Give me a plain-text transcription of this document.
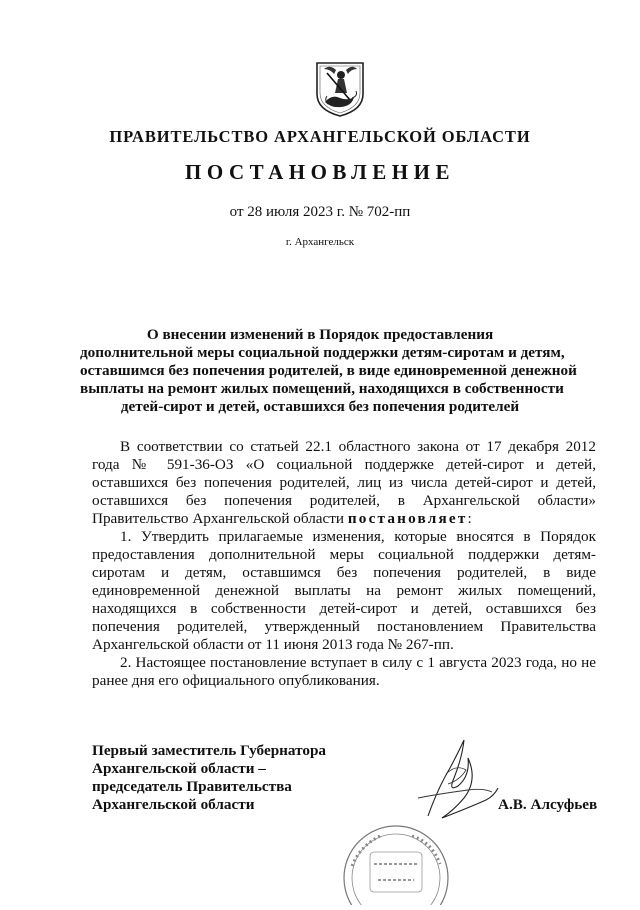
ПРАВИТЕЛЬСТВО АРХАНГЕЛЬСКОЙ ОБЛАСТИ
ПОСТАНОВЛЕНИЕ
от 28 июля 2023 г. № 702-пп
г. Архангельск
О внесении изменений в Порядок предоставления
дополнительной меры социальной поддержки детям-сиротам и детям,
оставшимся без попечения родителей, в виде единовременной денежной
выплаты на ремонт жилых помещений, находящихся в собственности
детей-сирот и детей, оставшихся без попечения родителей

В соответствии со статьей 22.1 областного закона от 17 декабря 2012 года № 591-36-ОЗ «О социальной поддержке детей-сирот и детей, оставшихся без попечения родителей, лиц из числа детей-сирот и детей, оставшихся без попечения родителей, в Архангельской области» Правительство Архангельской области постановляет:

1. Утвердить прилагаемые изменения, которые вносятся в Порядок предоставления дополнительной меры социальной поддержки детям-сиротам и детям, оставшимся без попечения родителей, в виде единовременной денежной выплаты на ремонт жилых помещений, находящихся в собственности детей-сирот и детей, оставшихся без попечения родителей, утвержденный постановлением Правительства Архангельской области от 11 июня 2013 года № 267-пп.

2. Настоящее постановление вступает в силу с 1 августа 2023 года, но не ранее дня его официального опубликования.

Первый заместитель Губернатора
Архангельской области –
председатель Правительства
Архангельской области	А.В. Алсуфьев
